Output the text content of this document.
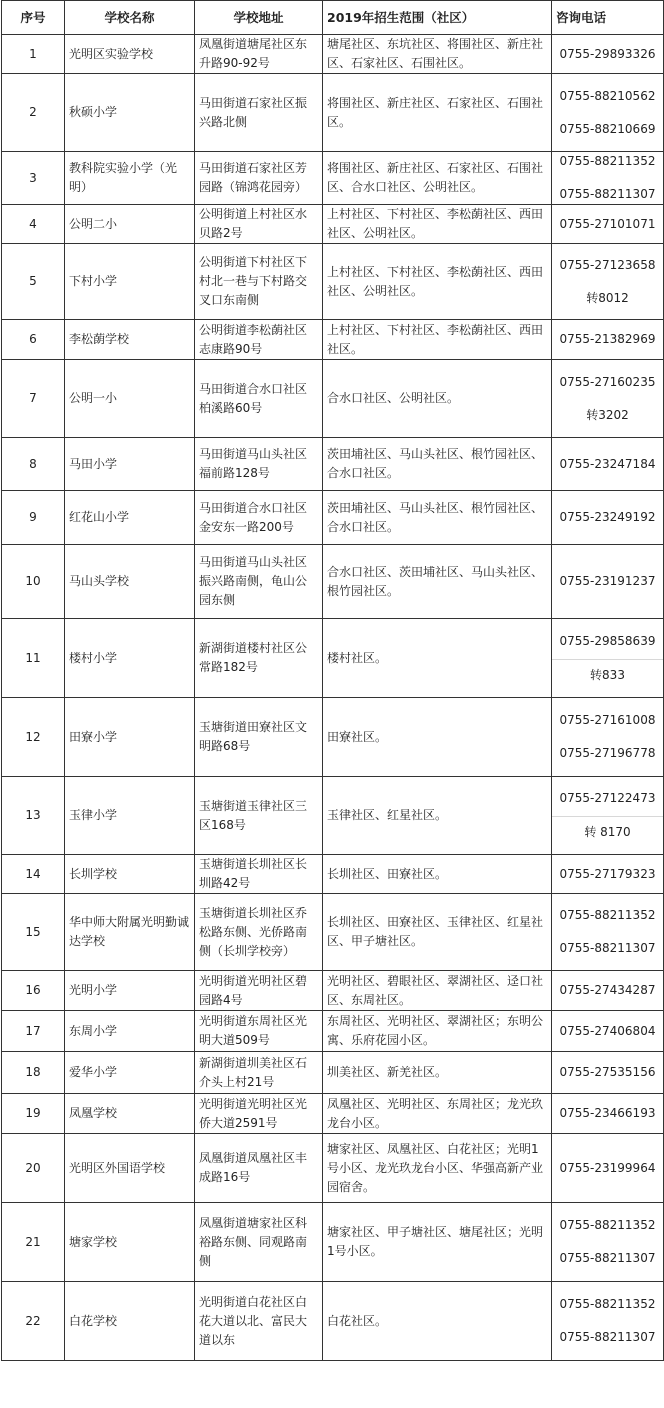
序号	学校名称	学校地址	2019年招生范围（社区）	咨询电话
1	光明区实验学校	凤凰街道塘尾社区东升路90-92号	塘尾社区、东坑社区、将围社区、新庄社区、石家社区、石围社区。	0755-29893326

2	秋硕小学	马田街道石家社区振兴路北侧	将围社区、新庄社区、石家社区、石围社区。	0755-88210562
0755-88210669

3	教科院实验小学（光明）	马田街道石家社区芳园路（锦鸿花园旁）	将围社区、新庄社区、石家社区、石围社区、合水口社区、公明社区。	0755-88211352
0755-88211307

4	公明二小	公明街道上村社区水贝路2号	上村社区、下村社区、李松蓢社区、西田社区、公明社区。	0755-27101071

5	下村小学	公明街道下村社区下村北一巷与下村路交叉口东南侧	上村社区、下村社区、李松蓢社区、西田社区、公明社区。	0755-27123658
转8012

6	李松蓢学校	公明街道李松蓢社区志康路90号	上村社区、下村社区、李松蓢社区、西田社区。	0755-21382969

7	公明一小	马田街道合水口社区柏溪路60号	合水口社区、公明社区。	0755-27160235
转3202

8	马田小学	马田街道马山头社区福前路128号	茨田埔社区、马山头社区、根竹园社区、合水口社区。	0755-23247184

9	红花山小学	马田街道合水口社区金安东一路200号	茨田埔社区、马山头社区、根竹园社区、合水口社区。	0755-23249192

10	马山头学校	马田街道马山头社区振兴路南侧，龟山公园东侧	合水口社区、茨田埔社区、马山头社区、根竹园社区。	0755-23191237

11	楼村小学	新湖街道楼村社区公常路182号	楼村社区。	0755-29858639
转833

12	田寮小学	玉塘街道田寮社区文明路68号	田寮社区。	0755-27161008
0755-27196778

13	玉律小学	玉塘街道玉律社区三区168号	玉律社区、红星社区。	0755-27122473
转 8170

14	长圳学校	玉塘街道长圳社区长圳路42号	长圳社区、田寮社区。	0755-27179323

15	华中师大附属光明勤诚达学校	玉塘街道长圳社区乔松路东侧、光侨路南侧（长圳学校旁）	长圳社区、田寮社区、玉律社区、红星社区、甲子塘社区。	0755-88211352
0755-88211307

16	光明小学	光明街道光明社区碧园路4号	光明社区、碧眼社区、翠湖社区、迳口社区、东周社区。	0755-27434287

17	东周小学	光明街道东周社区光明大道509号	东周社区、光明社区、翠湖社区；东明公寓、乐府花园小区。	0755-27406804

18	爱华小学	新湖街道圳美社区石介头上村21号	圳美社区、新羌社区。	0755-27535156

19	凤凰学校	光明街道光明社区光侨大道2591号	凤凰社区、光明社区、东周社区；龙光玖龙台小区。	0755-23466193

20	光明区外国语学校	凤凰街道凤凰社区丰成路16号	塘家社区、凤凰社区、白花社区；光明1号小区、龙光玖龙台小区、华强高新产业园宿舍。	0755-23199964

21	塘家学校	凤凰街道塘家社区科裕路东侧、同观路南侧	塘家社区、甲子塘社区、塘尾社区；光明1号小区。	0755-88211352
0755-88211307

22	白花学校	光明街道白花社区白花大道以北、富民大道以东	白花社区。	0755-88211352
0755-88211307
